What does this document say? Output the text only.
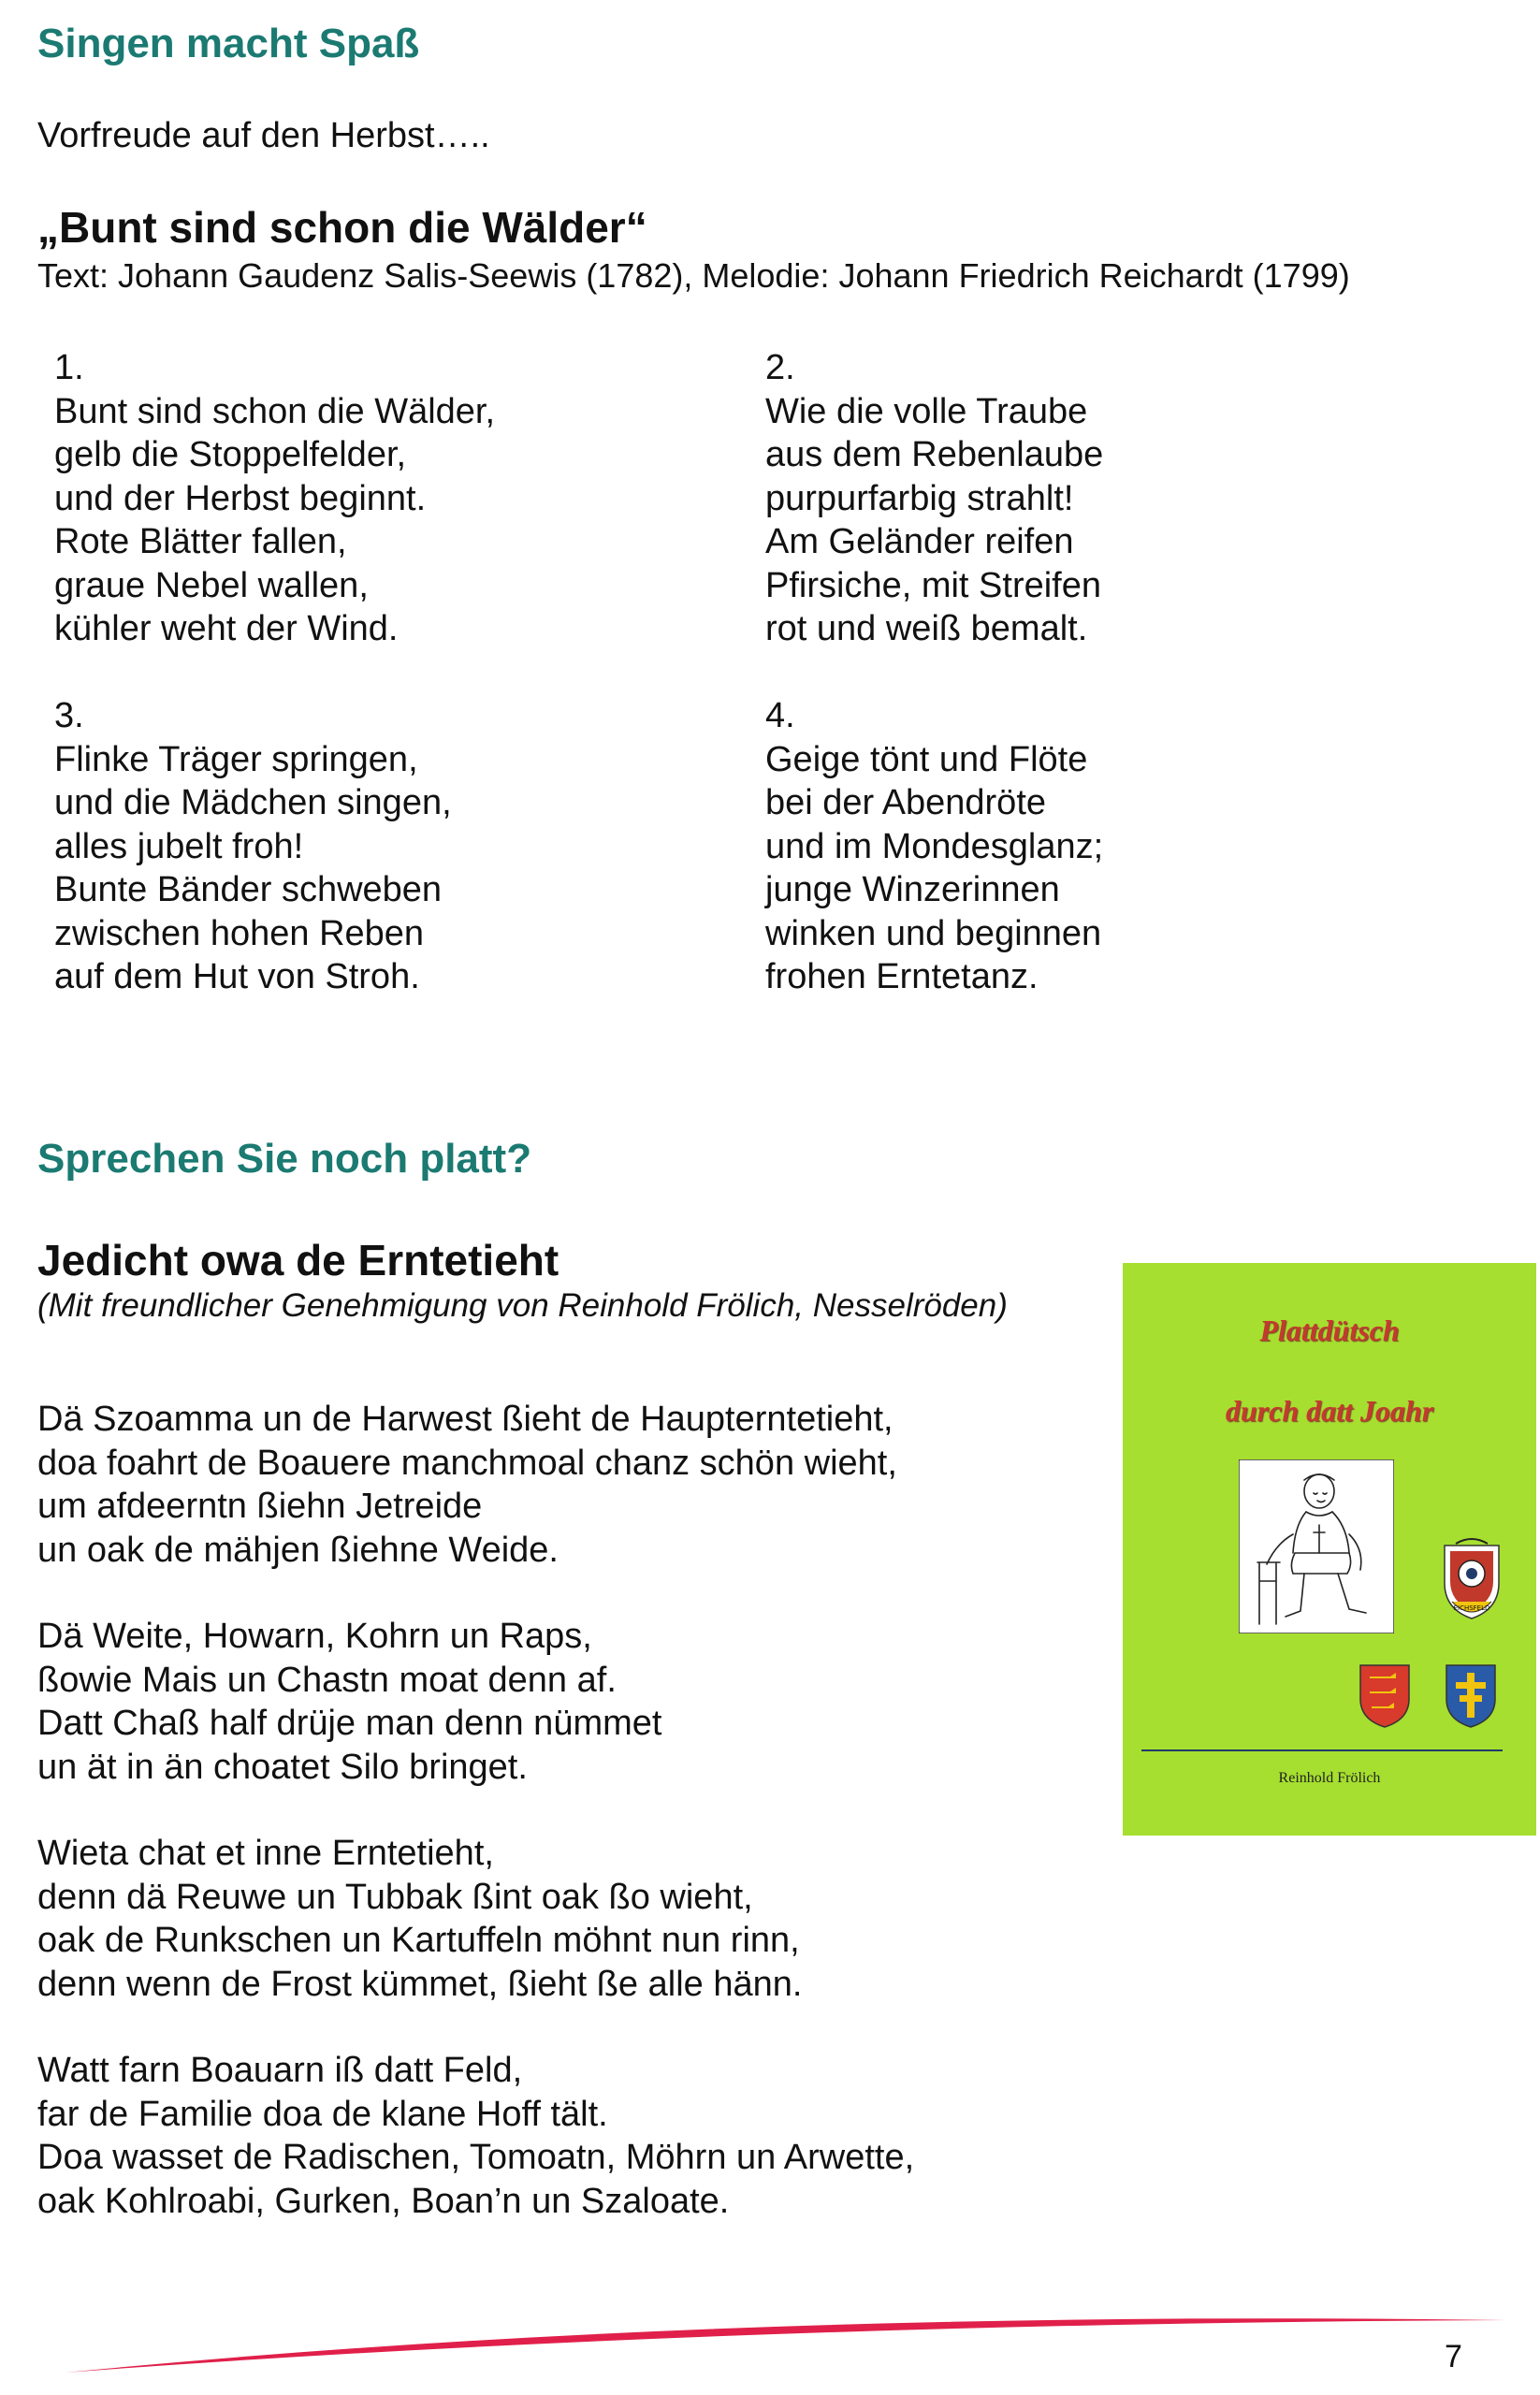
Singen macht Spaß
Vorfreude auf den Herbst…..
„Bunt sind schon die Wälder“
Text: Johann Gaudenz Salis-Seewis (1782), Melodie: Johann Friedrich Reichardt (1799)
1.
Bunt sind schon die Wälder,
gelb die Stoppelfelder,
und der Herbst beginnt.
Rote Blätter fallen,
graue Nebel wallen,
kühler weht der Wind.
2.
Wie die volle Traube
aus dem Rebenlaube
purpurfarbig strahlt!
Am Geländer reifen
Pfirsiche, mit Streifen
rot und weiß bemalt.
3.
Flinke Träger springen,
und die Mädchen singen,
alles jubelt froh!
Bunte Bänder schweben
zwischen hohen Reben
auf dem Hut von Stroh.
4.
Geige tönt und Flöte
bei der Abendröte
und im Mondesglanz;
junge Winzerinnen
winken und beginnen
frohen Erntetanz.
Sprechen Sie noch platt?
Jedicht owa de Erntetieht
(Mit freundlicher Genehmigung von Reinhold Frölich, Nesselröden)
Dä Szoamma un de Harwest ßieht de Haupterntetieht,
doa foahrt de Boauere manchmoal chanz schön wieht,
um afdeerntn ßiehn Jetreide
un oak de mähjen ßiehne Weide.
Dä Weite, Howarn, Kohrn un Raps,
ßowie Mais un Chastn moat denn af.
Datt Chaß half drüje man denn nümmet
un ät in än choatet Silo bringet.
Wieta chat et inne Erntetieht,
denn dä Reuwe un Tubbak ßint oak ßo wieht,
oak de Runkschen un Kartuffeln möhnt nun rinn,
denn wenn de Frost kümmet, ßieht ße alle hänn.
Watt farn Boauarn iß datt Feld,
far de Familie doa de klane Hoff tält.
Doa wasset de Radischen, Tomoatn, Möhrn un Arwette,
oak Kohlroabi, Gurken, Boan’n un Szaloate.
Plattdütsch
durch datt Joahr
EICHSFELD
Reinhold Frölich
7
